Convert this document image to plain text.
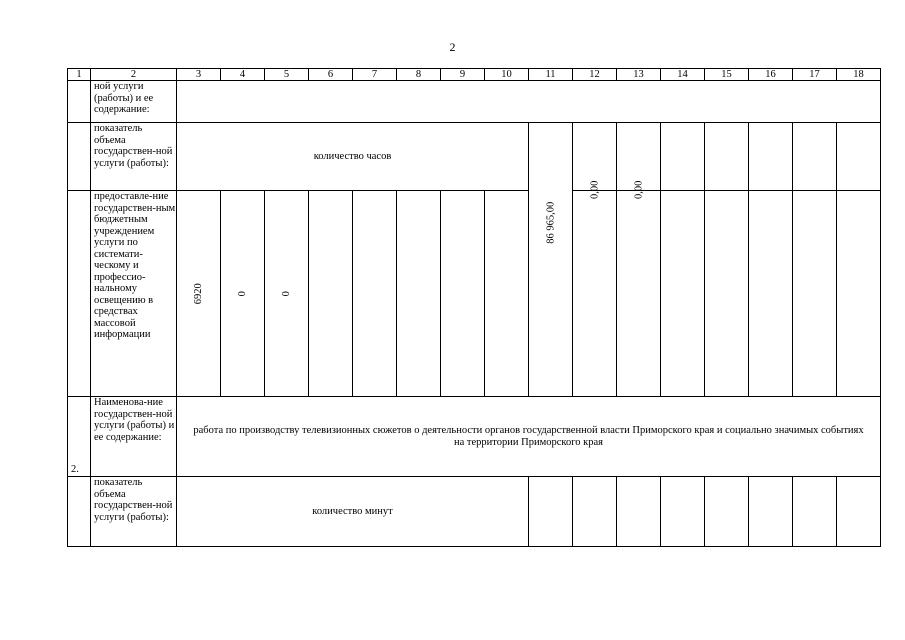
2
1	2	3	4	5	6	7	8	9	10	11	12	13	14	15	16	17	18
	ной услуги (работы) и ее содержание:																
	показатель объема государствен-ной услуги (работы):	количество часов								86 965,00							

	предоставле-ние государствен-ным бюджетным учреждением услуги по системати-ческому и профессио-нальному освещению в средствах массовой информации	6920	0	0							0,00	0,00					

2.	Наименова-ние государствен-ной услуги (работы) и ее содержание:	работа по производству телевизионных сюжетов о деятельности органов государственной власти Приморского края и социально значимых событиях на территории Приморского края															
	показатель объема государствен-ной услуги (работы):	количество минут															
